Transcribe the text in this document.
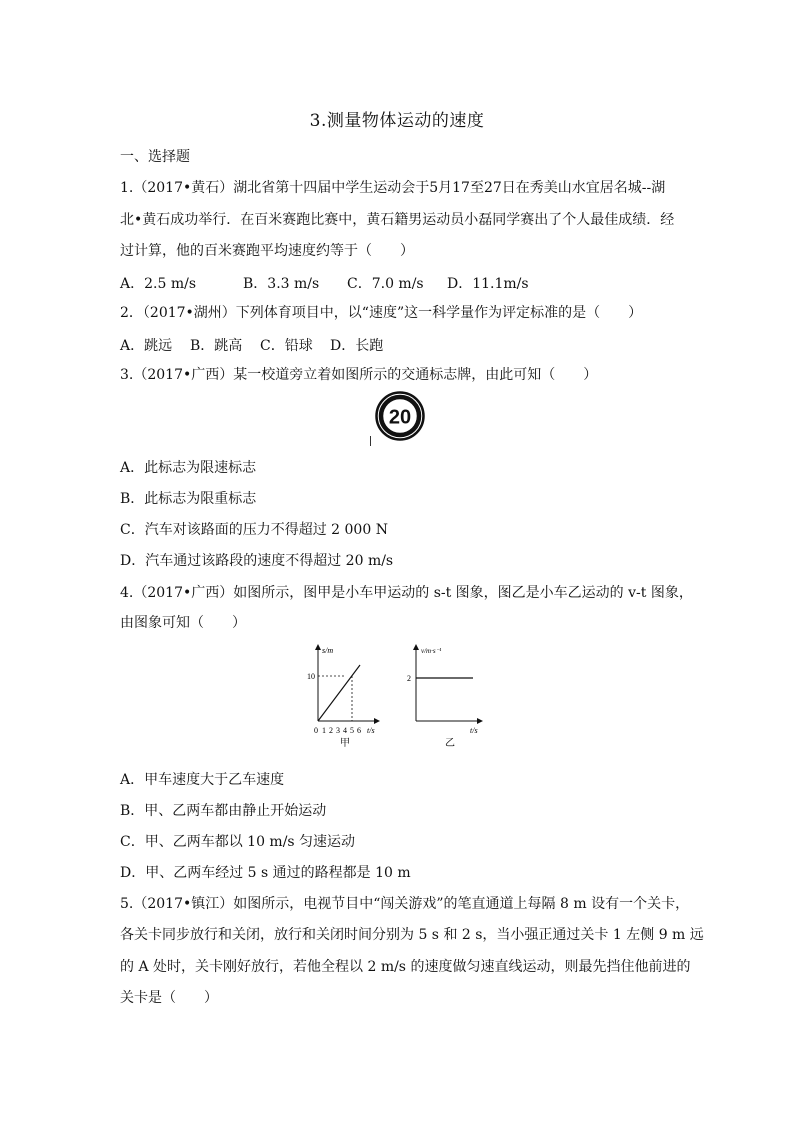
3.测量物体运动的速度
一、选择题
1.（2017•黄石）湖北省第十四届中学生运动会于5月17至27日在秀美山水宜居名城--湖
北•黄石成功举行．在百米赛跑比赛中，黄石籍男运动员小磊同学赛出了个人最佳成绩．经
过计算，他的百米赛跑平均速度约等于（　　）
A．2.5 m/s	B．3.3 m/s C．7.0 m/s D．11.1m/s
2．（2017•湖州）下列体育项目中，以“速度”这一科学量作为评定标准的是（　　）
A．跳远 B．跳高 C．铅球 D．长跑
3.（2017•广西）某一校道旁立着如图所示的交通标志牌，由此可知（　　）
20
A．此标志为限速标志
B．此标志为限重标志
C．汽车对该路面的压力不得超过 2 000 N
D．汽车通过该路段的速度不得超过 20 m/s
4.（2017•广西）如图所示，图甲是小车甲运动的 s-t 图象，图乙是小车乙运动的 v-t 图象，
由图象可知（　　）
s/m
10
0 1 2 3 4 5 6 t/s
甲
v/m·s⁻¹
2
t/s
乙
A．甲车速度大于乙车速度
B．甲、乙两车都由静止开始运动
C．甲、乙两车都以 10 m/s 匀速运动
D．甲、乙两车经过 5 s 通过的路程都是 10 m
5.（2017•镇江）如图所示，电视节目中“闯关游戏”的笔直通道上每隔 8 m 设有一个关卡，
各关卡同步放行和关闭，放行和关闭时间分别为 5 s 和 2 s，当小强正通过关卡 1 左侧 9 m 远
的 A 处时，关卡刚好放行，若他全程以 2 m/s 的速度做匀速直线运动，则最先挡住他前进的
关卡是（　　）
